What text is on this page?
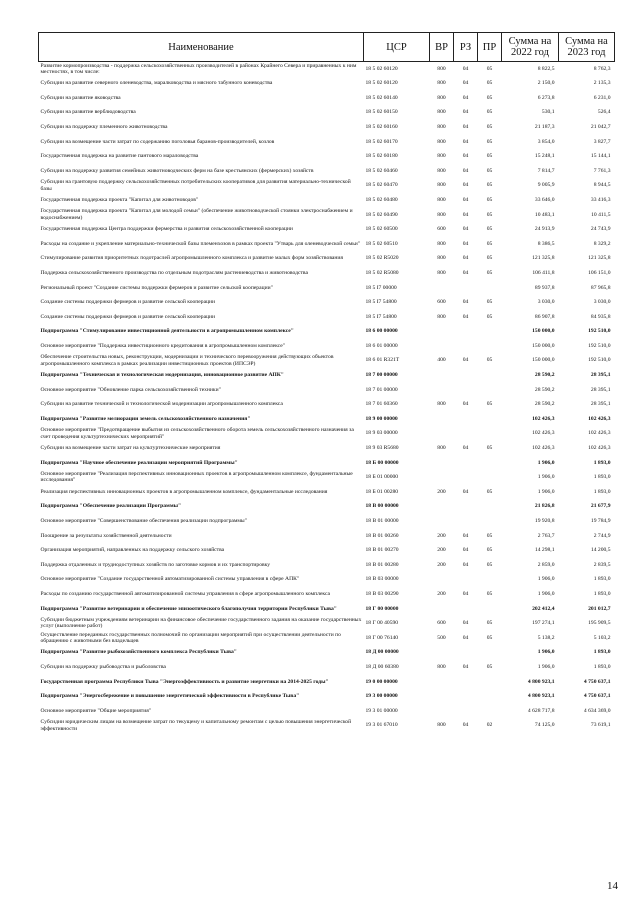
Наименование	ЦСР	ВР	РЗ	ПР	Сумма на 2022 год	Сумма на 2023 год
Развитие кормопроизводства - поддержка сельскохозяйственных производителей в районах Крайнего Севера и приравненных к ним местностях, в том числе:	18 5 02 60120	800	04	05	8 822,5	8 762,3
Субсидии на развитие северного оленеводства, маралководства и мясного табунного коневодства	18 5 02 60120	800	04	05	2 150,0	2 135,3
Субсидии на развитие яководства	18 5 02 60140	800	04	05	6 273,8	6 231,0
Субсидии на развитие верблюдоводства	18 5 02 60150	800	04	05	530,1	526,4
Субсидии на поддержку племенного животноводства	18 5 02 60160	800	04	05	21 187,3	21 042,7
Субсидии на возмещение части затрат по содержанию поголовья баранов-производителей, козлов	18 5 02 60170	800	04	05	3 854,0	3 827,7
Государственная поддержка на развитие пантового мараловодства	18 5 02 60180	800	04	05	15 248,1	15 144,1
Субсидии на поддержку развития семейных животноводческих ферм на базе крестьянских (фермерских) хозяйств	18 5 02 60460	800	04	05	7 814,7	7 761,3
Субсидии на грантовую поддержку сельскохозяйственных потребительских кооперативов для развития материально-технической базы	18 5 02 60470	800	04	05	9 005,9	8 944,5
Государственная поддержка проекта "Капитал для животноводов"	18 5 02 60480	800	04	05	33 646,0	33 416,3
Государственная поддержка проекта "Капитал для молодой семьи" (обеспечение животноводческой стоянки электроснабжением и водоснабжением)	18 5 02 60490	800	04	05	10 483,1	10 411,5
Государственная поддержка Центра поддержки фермерства и развития сельскохозяйственной кооперации	18 5 02 60500	600	04	05	24 913,9	24 743,9
Расходы на создание и укрепление материально-технической базы племенхозов в рамках проекта "Утварь для оленеводческой семьи"	18 5 02 60510	800	04	05	8 386,5	8 329,2
Стимулирование развития приоритетных подотраслей агропромышленного комплекса и развитие малых форм хозяйствования	18 5 02 R5020	800	04	05	121 325,8	121 325,8
Поддержка сельскохозяйственного производства по отдельным подотраслям растениеводства и животноводства	18 5 02 R5080	800	04	05	106 411,8	106 151,0
Региональный проект "Создание системы поддержки фермеров и развитие сельской кооперации"	18 5 I7 00000				89 937,8	87 965,8
Создание системы поддержки фермеров и развитие сельской кооперации	18 5 I7 54800	600	04	05	3 030,0	3 030,0
Создание системы поддержки фермеров и развитие сельской кооперации	18 5 I7 54800	800	04	05	86 907,8	84 935,8
Подпрограмма "Стимулирование инвестиционной деятельности в агропромышленном комплексе"	18 6 00 00000				150 000,0	192 510,0
Основное мероприятие "Поддержка инвестиционного кредитования в агропромышленном комплексе"	18 6 01 00000				150 000,0	192 510,0
Обеспечение строительства новых, реконструкции, модернизации и технического перевооружения действующих объектов агропромышленного комплекса в рамках реализации инвестиционных проектов (ИПСЭР)	18 6 01 R321T	400	04	05	150 000,0	192 510,0
Подпрограмма "Техническая и технологическая модернизация, инновационное развитие АПК"	18 7 00 00000				28 590,2	28 395,1
Основное мероприятие "Обновление парка сельскохозяйственной техники"	18 7 01 00000				28 590,2	28 395,1
Субсидии на развитие технической и технологической модернизации агропромышленного комплекса	18 7 01 60360	800	04	05	28 590,2	28 395,1
Подпрограмма "Развитие мелиорации земель сельскохозяйственного назначения"	18 9 00 00000				102 426,3	102 426,3
Основное мероприятие "Предотвращение выбытия из сельскохозяйственного оборота земель сельскохозяйственного назначения за счет проведения культуртехнических мероприятий"	18 9 03 00000				102 426,3	102 426,3
Субсидии на возмещение части затрат на культуртехнические мероприятия	18 9 03 R5680	800	04	05	102 426,3	102 426,3
Подпрограмма "Научное обеспечение реализации мероприятий Программы"	18 Б 00 00000				1 906,0	1 893,0
Основное мероприятие "Реализация перспективных инновационных проектов в агропромышленном комплексе, фундаментальные исследования"	18 Б 01 00000				1 906,0	1 893,0
Реализация перспективных инновационных проектов в агропромышленном комплексе, фундаментальные исследования	18 Б 01 00280	200	04	05	1 906,0	1 893,0
Подпрограмма "Обеспечение реализации Программы"	18 В 00 00000				21 826,8	21 677,9
Основное мероприятие "Совершенствование обеспечения реализации подпрограммы"	18 В 01 00000				19 920,8	19 784,9
Поощрение за результаты хозяйственной деятельности	18 В 01 00260	200	04	05	2 763,7	2 744,9
Организация мероприятий, направленных на поддержку сельского хозяйства	18 В 01 00270	200	04	05	14 298,1	14 200,5
Поддержка отдаленных и труднодоступных хозяйств по заготовке кормов и их транспортировку	18 В 01 00280	200	04	05	2 859,0	2 839,5
Основное мероприятие "Создание государственной автоматизированной системы управления в сфере АПК"	18 В 03 00000				1 906,0	1 893,0
Расходы по созданию государственной автоматизированной системы управления в сфере агропромышленного комплекса	18 В 03 00290	200	04	05	1 906,0	1 893,0
Подпрограмма "Развитие ветеринарии и обеспечение эпизоотического благополучия территории Республики Тыва"	18 Г 00 00000				202 412,4	201 012,7
Субсидии бюджетным учреждениям ветеринарии на финансовое обеспечение государственного задания на оказание государственных услуг (выполнение работ)	18 Г 00 40590	600	04	05	197 274,1	195 909,5
Осуществление переданных государственных полномочий по организации мероприятий при осуществлении деятельности по обращению с животными без владельцев	18 Г 00 76140	500	04	05	5 138,2	5 103,2
Подпрограмма "Развитие рыбохозяйственного комплекса Республики Тыва"	18 Д 00 00000				1 906,0	1 893,0
Субсидии на поддержку рыбоводства и рыболовства	18 Д 00 60380	800	04	05	1 906,0	1 893,0
Государственная программа Республики Тыва "Энергоэффективность и развитие энергетики на 2014-2025 годы"	19 0 00 00000				4 800 923,1	4 750 637,1
Подпрограмма "Энергосбережение и повышение энергетической эффективности в Республике Тыва"	19 3 00 00000				4 800 923,1	4 750 637,1
Основное мероприятие "Общие мероприятия"	19 3 01 00000				4 628 717,8	4 634 369,0
Субсидии юридическим лицам на возмещение затрат по текущему и капитальному ремонтам с целью повышения энергетической эффективности	19 3 01 67010	800	04	02	74 125,0	73 619,1
14
